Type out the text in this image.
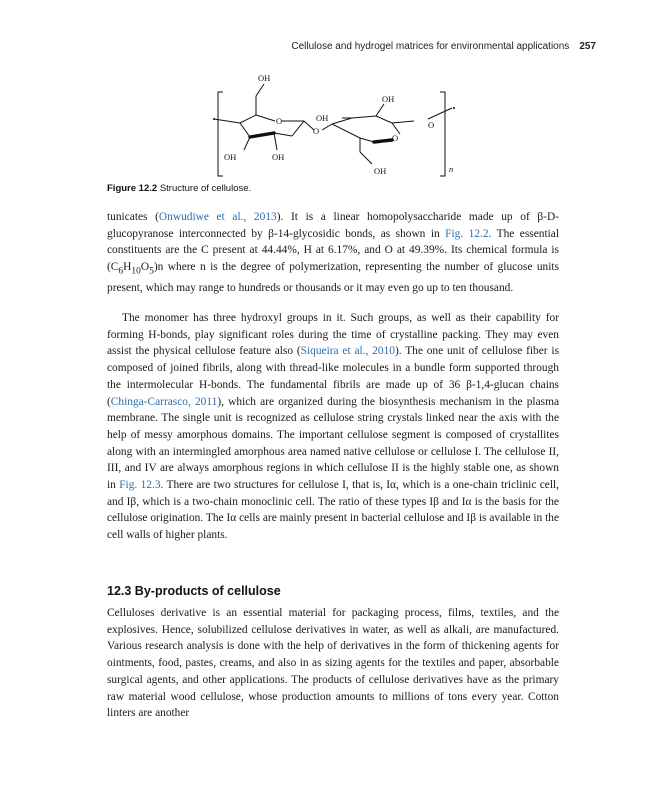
Cellulose and hydrogel matrices for environmental applications 257
OH
O
O
OH
OH
O
O
OH	OH
OH	n
Figure 12.2 Structure of cellulose.

tunicates (Onwudiwe et al., 2013). It is a linear homopolysaccharide made up of β-D-glucopyranose interconnected by β-14-glycosidic bonds, as shown in Fig. 12.2. The essential constituents are the C present at 44.44%, H at 6.17%, and O at 49.39%. Its chemical formula is $(C_6H_{10}O_5)n$ where n is the degree of polymerization, representing the number of glucose units present, which may range to hundreds or thousands or it may even go up to ten thousand.

The monomer has three hydroxyl groups in it. Such groups, as well as their capability for forming H-bonds, play significant roles during the time of crystalline packing. They may even assist the physical cellulose feature also (Siqueira et al., 2010). The one unit of cellulose fiber is composed of joined fibrils, along with thread-like molecules in a bundle form supported through the intermolecular H-bonds. The fundamental fibrils are made up of 36 β-1,4-glucan chains (Chinga-Carrasco, 2011), which are organized during the biosynthesis mechanism in the plasma membrane. The single unit is recognized as cellulose string crystals linked near the axis with the help of messy amorphous domains. The important cellulose segment is composed of crystallites along with an intermingled amorphous area named native cellulose or cellulose I. The cellulose II, III, and IV are always amorphous regions in which cellulose II is the highly stable one, as shown in Fig. 12.3. There are two structures for cellulose I, that is, Iα, which is a one-chain triclinic cell, and Iβ, which is a two-chain monoclinic cell. The ratio of these types Iβ and Iα is the basis for the cellulose origination. The Iα cells are mainly present in bacterial cellulose and Iβ is available in the cell walls of higher plants.

12.3 By-products of cellulose

Celluloses derivative is an essential material for packaging process, films, textiles, and the explosives. Hence, solubilized cellulose derivatives in water, as well as alkali, are manufactured. Various research analysis is done with the help of derivatives in the form of thickening agents for ointments, food, pastes, creams, and also in as sizing agents for the textiles and paper, absorbable surgical agents, and other applications. The products of cellulose derivatives have as the primary raw material wood cellulose, whose production amounts to millions of tons every year. Cotton linters are another
